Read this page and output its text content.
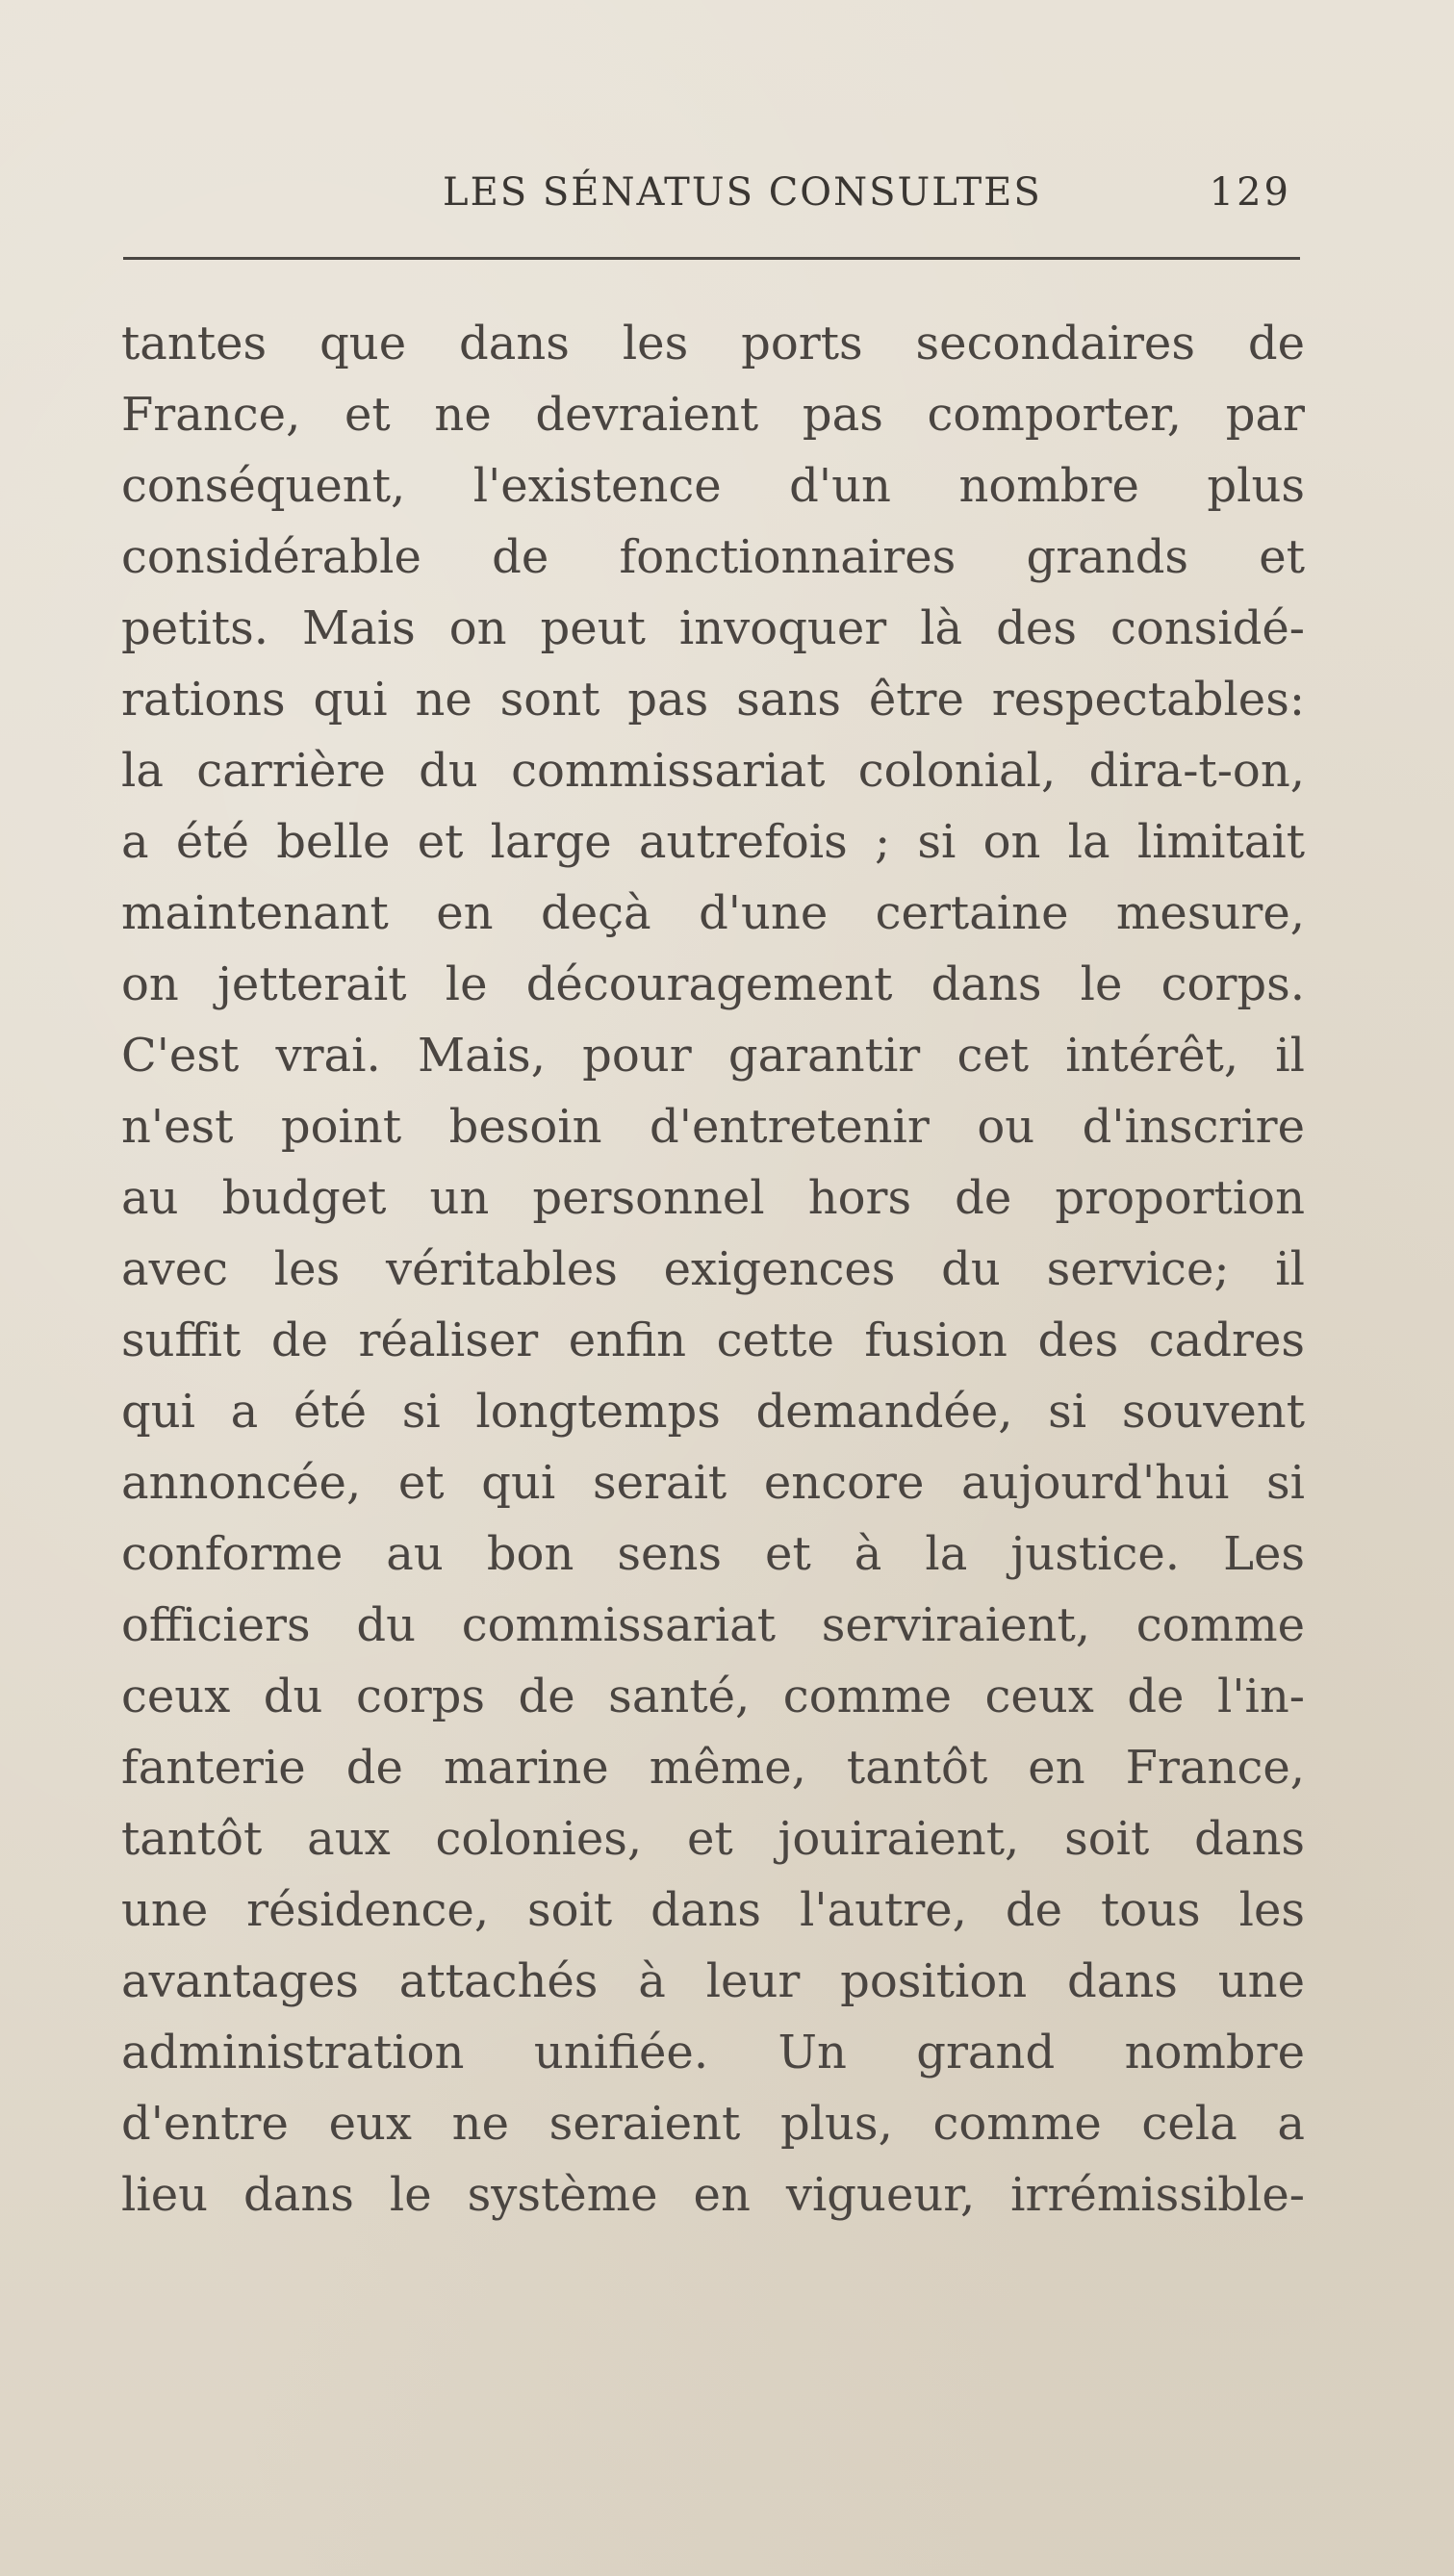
LES SÉNATUS CONSULTES	129
tantes que dans les ports secondaires de
France, et ne devraient pas comporter, par
conséquent, l'existence d'un nombre plus
considérable de fonctionnaires grands et
petits. Mais on peut invoquer là des considé-
rations qui ne sont pas sans être respectables:
la carrière du commissariat colonial, dira-t-on,
a été belle et large autrefois ; si on la limitait
maintenant en deçà d'une certaine mesure,
on jetterait le découragement dans le corps.
C'est vrai. Mais, pour garantir cet intérêt, il
n'est point besoin d'entretenir ou d'inscrire
au budget un personnel hors de proportion
avec les véritables exigences du service; il
suffit de réaliser enfin cette fusion des cadres
qui a été si longtemps demandée, si souvent
annoncée, et qui serait encore aujourd'hui si
conforme au bon sens et à la justice. Les
officiers du commissariat serviraient, comme
ceux du corps de santé, comme ceux de l'in-
fanterie de marine même, tantôt en France,
tantôt aux colonies, et jouiraient, soit dans
une résidence, soit dans l'autre, de tous les
avantages attachés à leur position dans une
administration unifiée. Un grand nombre
d'entre eux ne seraient plus, comme cela a
lieu dans le système en vigueur, irrémissible-
